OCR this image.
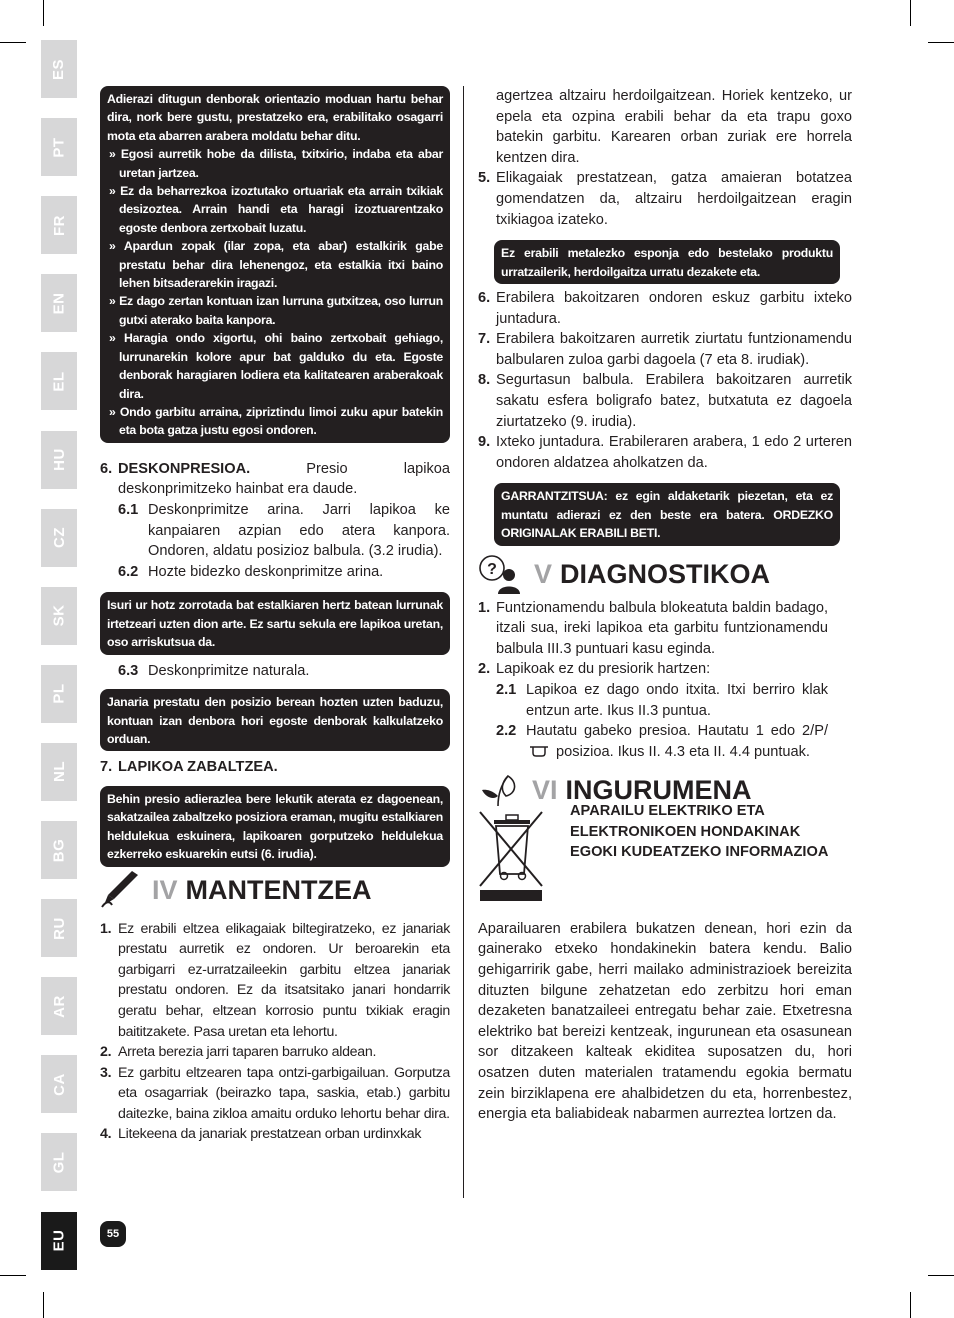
ES
PT
FR
EN
EL
HU
CZ
SK
PL
NL
BG
RU
AR
CA
GL
EU	55

Adierazi ditugun denborak orientazio moduan hartu behar dira, nork bere gustu, prestatzeko era, erabilitako osagarri mota eta abarren arabera moldatu behar ditu.

» Egosi aurretik hobe da dilista, txitxirio, indaba eta abar uretan jartzea.
» Ez da beharrezkoa izoztutako ortuariak eta arrain txikiak desizoztea. Arrain handi eta haragi izoztuarentzako egoste denbora zertxobait luzatu.
» Apardun zopak (ilar zopa, eta abar) estalkirik gabe prestatu behar dira lehenengoz, eta estalkia itxi baino lehen bitsaderarekin iragazi.
» Ez dago zertan kontuan izan lurruna gutxitzea, oso lurrun gutxi aterako baita kanpora.
» Haragia ondo xigortu, ohi baino zertxobait gehiago, lurrunarekin kolore apur bat galduko du eta. Egoste denborak haragiaren lodiera eta kalitatearen araberakoak dira.
» Ondo garbitu arraina, zipriztindu limoi zuku apur batekin eta bota gatza justu egosi ondoren.
6. DESKONPRESIOA.	Presio lapikoa deskonprimitzeko hainbat era daude.
6.1 Deskonprimitze arina. Jarri lapikoa ke kanpaiaren azpian edo atera kanpora. Ondoren, aldatu posizioz balbula. (3.2 irudia).
6.2 Hozte bidezko deskonprimitze arina.
Isuri ur hotz zorrotada bat estalkiaren hertz batean lurrunak irtetzeari uzten dion arte. Ez sartu sekula ere lapikoa uretan, oso arriskutsua da.
6.3 Deskonprimitze naturala.
Janaria prestatu den posizio berean hozten uzten baduzu, kontuan izan denbora hori egoste denborak kalkulatzeko orduan.
7. LAPIKOA ZABALTZEA.
Behin presio adierazlea bere lekutik aterata ez dagoenean, sakatzailea zabaltzeko posiziora eraman, mugitu estalkiaren heldulekua eskuinera, lapikoaren gorputzeko heldulekua ezkerreko eskuarekin eutsi (6. irudia).
IV MANTENTZEA
1. Ez erabili eltzea elikagaiak biltegiratzeko, ez janariak prestatu aurretik ez ondoren. Ur beroarekin eta garbigarri ez-urratzaileekin garbitu eltzea janariak prestatu ondoren. Ez da itsatsitako janari hondarrik geratu behar, eltzean korrosio puntu txikiak eragin baititzakete. Pasa uretan eta lehortu.
2. Arreta berezia jarri taparen barruko aldean.
3. Ez garbitu eltzearen tapa ontzi-garbigailuan. Gorputza eta osagarriak (beirazko tapa, saskia, etab.) garbitu daitezke, baina zikloa amaitu orduko lehortu behar dira.
4. Litekeena da janariak prestatzean orban urdinxkak

agertzea altzairu herdoilgaitzean. Horiek kentzeko, ur epela eta ozpina erabili behar da eta trapu goxo batekin garbitu. Karearen orban zuriak ere horrela kentzen dira.

5. Elikagaiak prestatzean, gatza amaieran botatzea gomendatzen da, altzairu herdoilgaitzean eragin txikiagoa izateko.
Ez erabili metalezko esponja edo bestelako produktu urratzailerik, herdoilgaitza urratu dezakete eta.
6. Erabilera bakoitzaren ondoren eskuz garbitu ixteko juntadura.
7. Erabilera bakoitzaren aurretik ziurtatu funtzionamendu balbularen zuloa garbi dagoela (7 eta 8. irudiak).
8. Segurtasun balbula. Erabilera bakoitzaren aurretik sakatu esfera boligrafo batez, butxatuta ez dagoela ziurtatzeko (9. irudia).
9. Ixteko juntadura. Erabileraren arabera, 1 edo 2 urteren ondoren aldatzea aholkatzen da.
GARRANTZITSUA: ez egin aldaketarik piezetan, eta ez muntatu adierazi ez den beste era batera. ORDEZKO ORIGINALAK ERABILI BETI.
? V DIAGNOSTIKOA
1. Funtzionamendu balbula blokeatuta baldin badago, itzali sua, ireki lapikoa eta garbitu funtzionamendu balbula III.3 puntuari kasu eginda.
2. Lapikoak ez du presiorik hartzen:
2.1 Lapikoa ez dago ondo itxita. Itxi berriro klak entzun arte. Ikus II.3 puntua.
2.2 Hautatu gabeko presioa. Hautatu 1 edo 2/P/ posizioa. Ikus II. 4.3 eta II. 4.4 puntuak.
VI INGURUMENA

APARAILU ELEKTRIKO ETA ELEKTRONIKOEN HONDAKINAK EGOKI KUDEATZEKO INFORMAZIOA

Aparailuaren erabilera bukatzen denean, hori ezin da gainerako etxeko hondakinekin batera kendu. Balio gehigarririk gabe, herri mailako administrazioek bereizita dituzten bilgune zehatzetan edo zerbitzu hori eman dezaketen banatzaileei entregatu behar zaie. Etxetresna elektriko bat bereizi kentzeak, ingurunean eta osasunean sor ditzakeen kalteak ekiditea suposatzen du, hori osatzen duten materialen tratamendu egokia bermatu zein birziklapena ere ahalbidetzen du eta, horrenbestez, energia eta baliabideak nabarmen aurreztea lortzen da.
